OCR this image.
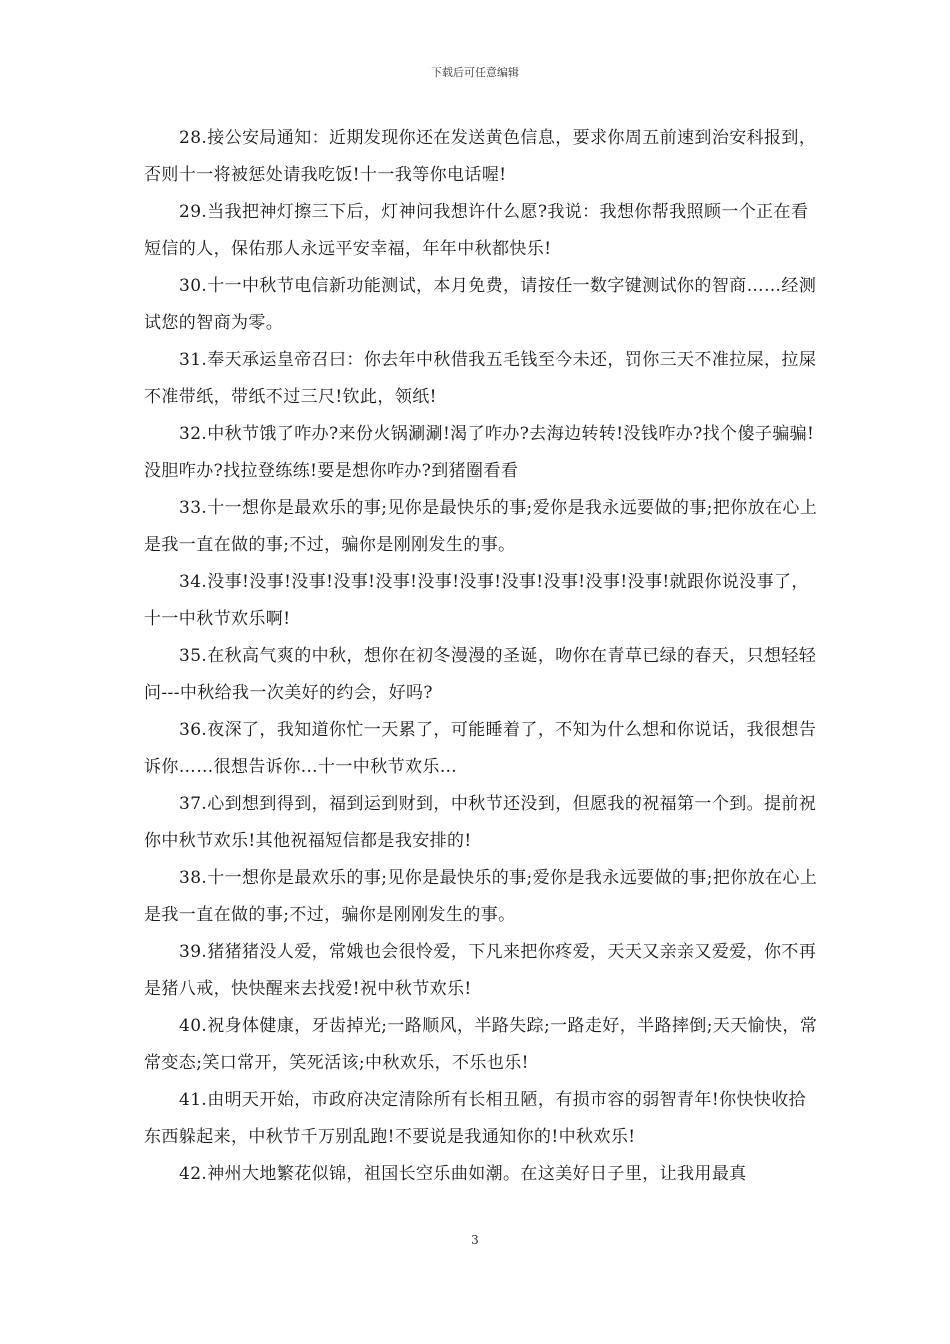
下载后可任意编辑

28.接公安局通知：近期发现你还在发送黄色信息，要求你周五前速到治安科报到，否则十一将被惩处请我吃饭!十一我等你电话喔!

29.当我把神灯擦三下后，灯神问我想许什么愿?我说：我想你帮我照顾一个正在看短信的人，保佑那人永远平安幸福，年年中秋都快乐!

30.十一中秋节电信新功能测试，本月免费，请按任一数字键测试你的智商……经测试您的智商为零。

31.奉天承运皇帝召曰：你去年中秋借我五毛钱至今未还，罚你三天不准拉屎，拉屎不准带纸，带纸不过三尺!钦此，领纸!

32.中秋节饿了咋办?来份火锅涮涮!渴了咋办?去海边转转!没钱咋办?找个傻子骗骗!没胆咋办?找拉登练练!要是想你咋办?到猪圈看看

33.十一想你是最欢乐的事;见你是最快乐的事;爱你是我永远要做的事;把你放在心上是我一直在做的事;不过，骗你是刚刚发生的事。

34.没事!没事!没事!没事!没事!没事!没事!没事!没事!没事!没事!就跟你说没事了，十一中秋节欢乐啊!

35.在秋高气爽的中秋，想你在初冬漫漫的圣诞，吻你在青草已绿的春天，只想轻轻问---中秋给我一次美好的约会，好吗?

36.夜深了，我知道你忙一天累了，可能睡着了，不知为什么想和你说话，我很想告诉你……很想告诉你…十一中秋节欢乐…

37.心到想到得到，福到运到财到，中秋节还没到，但愿我的祝福第一个到。提前祝你中秋节欢乐!其他祝福短信都是我安排的!

38.十一想你是最欢乐的事;见你是最快乐的事;爱你是我永远要做的事;把你放在心上是我一直在做的事;不过，骗你是刚刚发生的事。

39.猪猪猪没人爱，常娥也会很怜爱，下凡来把你疼爱，天天又亲亲又爱爱，你不再是猪八戒，快快醒来去找爱!祝中秋节欢乐!

40.祝身体健康，牙齿掉光;一路顺风，半路失踪;一路走好，半路摔倒;天天愉快，常常变态;笑口常开，笑死活该;中秋欢乐，不乐也乐!

41.由明天开始，市政府决定清除所有长相丑陋，有损市容的弱智青年!你快快收拾东西躲起来，中秋节千万别乱跑!不要说是我通知你的!中秋欢乐!

42.神州大地繁花似锦，祖国长空乐曲如潮。在这美好日子里，让我用最真

3
